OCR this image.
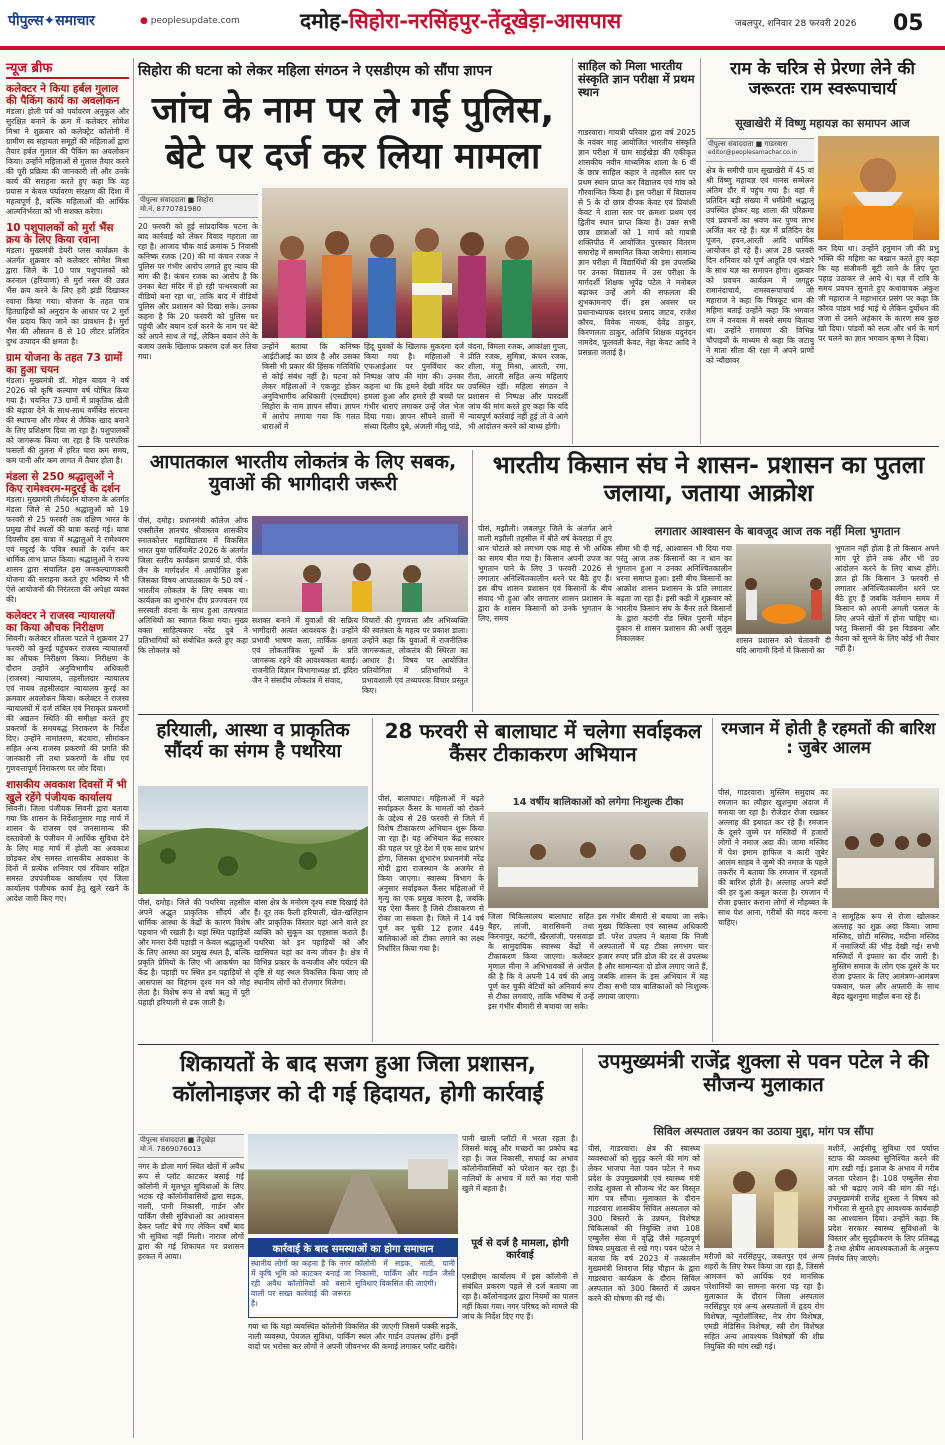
पीपुल्स✦समाचार	● peoplesupdate.com	दमोह-सिहोरा-नरसिंहपुर-तेंदूखेड़ा-आसपास	जबलपुर, शनिवार 28 फरवरी 2026	05
न्यूज ब्रीफ
कलेक्टर ने किया हर्बल गुलाल की पैकिंग कार्य का अवलोकन
मंडला। होली पर्व को पर्यावरण अनुकूल और सुरक्षित बनाने के क्रम में कलेक्टर सोमेश मिश्रा ने शुक्रवार को कलेक्ट्रेट कॉलोनी में ग्रामीण स्व सहायता समूहों की महिलाओं द्वारा तैयार हर्बल गुलाल की पैकिंग का अवलोकन किया। उन्होंने महिलाओं से गुलाल तैयार करने की पूरी प्रक्रिया की जानकारी ली और उनके कार्य की सराहना करते हुए कहा कि यह प्रयास न केवल पर्यावरण संरक्षण की दिशा में महत्वपूर्ण है, बल्कि महिलाओं की आर्थिक आत्मनिर्भरता को भी सशक्त करेगा।
10 पशुपालकों को मुर्रा भैंस क्रय के लिए किया रवाना
मंडला। मुख्यमंत्री डेयरी प्लस कार्यक्रम के अंतर्गत शुक्रवार को कलेक्टर सोमेश मिश्रा द्वारा जिले के 10 पात्र पशुपालकों को करनाल (हरियाणा) से मुर्रा नस्ल की उन्नत भैंस क्रय करने के लिए हरी झंडी दिखाकर रवाना किया गया। योजना के तहत पात्र हितग्राहियों को अनुदान के आधार पर 2 मुर्रा भैंस प्रदाय किए जाने का प्रावधान है। मुर्रा भैंस की औसतन 8 से 10 लीटर प्रतिदिन दुग्ध उत्पादन की क्षमता है।
ग्राम योजना के तहत 73 ग्रामों का हुआ चयन
मंडला। मुख्यमंत्री डॉ. मोहन यादव ने वर्ष 2026 को कृषि कल्याण वर्ष घोषित किया गया है। चयनित 73 ग्रामों में प्राकृतिक खेती की बढ़ावा देने के साथ-साथ वर्मीबेड संरचना की स्थापना और गोबर से जैविक खाद बनाने के लिए प्रशिक्षण दिया जा रहा है। पशुपालकों को जागरूक किया जा रहा है कि पारंपरिक फसलों की तुलना में हरित चारा कम समय, कम पानी और कम लागत में तैयार होता है।
मंडला से 250 श्रद्धालुओं ने किए रामेश्वरम-मदुरई के दर्शन
मंडला। मुख्यमंत्री तीर्थदर्शन योजना के अंतर्गत मंडला जिले से 250 श्रद्धालुओं को 19 फरवरी से 25 फरवरी तक दक्षिण भारत के प्रमुख तीर्थ स्थलों की यात्रा कराई गई। यात्रा दिवसीय इस यात्रा में श्रद्धालुओं ने रामेश्वरम एवं मदुरई के पवित्र स्थलों के दर्शन कर धार्मिक लाभ प्राप्त किया। श्रद्धालुओं ने राज्य शासन द्वारा संचालित इस जनकल्याणकारी योजना की सराहना करते हुए भविष्य में भी ऐसे आयोजनों की निरंतरता की अपेक्षा व्यक्त की।
कलेक्टर ने राजस्व न्यायालयों का किया औचक निरीक्षण
सिवनी। कलेक्टर शीतला पटले ने शुक्रवार 27 फरवरी को कुरई पहुंचकर राजस्व न्यायालयों का औचक निरीक्षण किया। निरीक्षण के दौरान उन्होंने अनुविभागीय अधिकारी (राजस्व) न्यायालय, तहसीलदार न्यायालय एवं नायब तहसीलदार न्यायालय कुरई का क्रमवार अवलोकन किया। कलेक्टर ने राजस्व न्यायालयों में दर्ज लंबित एवं निराकृत प्रकरणों की अद्यतन स्थिति की समीक्षा करते हुए प्रकरणों के समयबद्ध निराकरण के निर्देश दिए। उन्होंने नामांतरण, बंटवारा, सीमांकन सहित अन्य राजस्व प्रकरणों की प्रगति की जानकारी ली तथा प्रकरणों के शीघ्र एवं गुणवत्तापूर्ण निराकरण पर जोर दिया।
शासकीय अवकाश दिवसों में भी खुले रहेंगे पंजीयक कार्यालय
सिवनी। जिला पंजीयक सिवनी द्वारा बताया गया कि शासन के निर्देशानुसार माह मार्च में शासन के राजस्व एवं जनसामान्य की दस्तावेजों के पंजीयन में आर्थिक सुविधा देने के लिए माह मार्च में होली का अवकाश छोड़कर शेष समस्त शासकीय अवकाश के दिनों में प्रत्येक शनिवार एवं रविवार सहित समस्त उपपंजीयक कार्यालय एवं जिला कार्यालय पंजीयक कार्य हेतु खुले रखने के आदेश जारी किए गए।
सिहोरा की घटना को लेकर महिला संगठन ने एसडीएम को सौंपा ज्ञापन
जांच के नाम पर ले गई पुलिस, बेटे पर दर्ज कर लिया मामला
पीपुल्स संवाददाता ■ सिहोरा
मो.नं. 8770781980
20 फरवरी को हुई सांप्रदायिक घटना के बाद कार्रवाई को लेकर विवाद गहराता जा रहा है। आजाद चौक वार्ड क्रमांक 5 निवासी कनिष्क रजक (20) की मां कंचन रजक ने पुलिस पर गंभीर आरोप लगाते हुए न्याय की मांग की है। कंचन रजक का आरोप है कि उनका बेटा मंदिर में हो रही पत्थरबाजी का वीडियो बना रहा था, ताकि बाद में वीडियो पुलिस और प्रशासन को दिखा सके। उनका कहना है कि 20 फरवरी को पुलिस घर पहुंची और बयान दर्ज करने के नाम पर बेटे को अपने साथ ले गई, लेकिन बयान लेने के बजाय उसके खिलाफ प्रकरण दर्ज कर लिया गया।
उन्होंने बताया कि कनिष्क आईटीआई का छात्र है और उसका किसी भी प्रकार की हिंसक गतिविधि से कोई संबंध नहीं है। घटना को लेकर महिलाओं ने एकजुट होकर अनुविभागीय अधिकारी (एसडीएम) सिहोरा के नाम ज्ञापन सौंपा। ज्ञापन में आरोप लगाया गया कि गलत धाराओं में
हिंदू युवकों के खिलाफ मुकदमा दर्ज किया गया है। महिलाओं ने एफआईआर पर पुनर्विचार कर निष्पक्ष जांच की मांग की। उनका कहना था कि हमने देखी मंदिर पर हमला हुआ और हमारे ही बच्चों पर गंभीर धाराएं लगाकर उन्हें जेल भेज दिया गया। ज्ञापन सौंपने वालों में संध्या दिलीप दुबे, अंजली मीलू पांडे,
वंदना, विमला रजक, आकांक्षा गुप्ता, प्रीति रजक, सुमित्रा, कंचन रजक, शीला, मंजू मिश्रा, आरती, रमा, रीता, आरती सहित अन्य महिलाएं उपस्थित रहीं। महिला संगठन ने प्रशासन से निष्पक्ष और पारदर्शी जांच की मांग करते हुए कहा कि यदि न्यायपूर्ण कार्रवाई नहीं हुई तो वे आगे भी आंदोलन करने को बाध्य होंगी।
साहिल को मिला भारतीय संस्कृति ज्ञान परीक्षा में प्रथम स्थान
गाडरवारा। गायत्री परिवार द्वारा वर्ष 2025 के नवंबर माह आयोजित भारतीय संस्कृति ज्ञान परीक्षा में ग्राम साईखेड़ा की एकीकृत शासकीय नवीन माध्यमिक शाला के 6 वीं के छात्र साहिल कहार ने तहसील स्तर पर प्रथम स्थान प्राप्त कर विद्यालय एवं गांव को गौरवान्वित किया है। इस परीक्षा में विद्यालय से 5 के दो छात्र दीपक केवट एवं प्रियांशी केवट ने शाला स्तर पर क्रमशः प्रथम एवं द्वितीय स्थान प्राप्त किया है। उक्त सभी छात्र छात्राओं को 1 मार्च को गायत्री शक्तिपीठ में आयोजित पुरस्कार वितरण समारोह में सम्मानित किया जायेगा। सामान्य ज्ञान परीक्षा में विद्यार्थियों की इस उपलब्धि पर उनका विद्यालय में उस परीक्षा के मार्गदर्शी शिक्षक भूपेंद्र पटेल ने मनोबल बढ़ाकर उन्हें आगे की सफलता की शुभकामनाएं दीं। इस अवसर पर प्रधानाध्यापक दशरथ प्रसाद जाटव, राजेश कौरव, विवेक नायक, देवेंद्र ठाकुर, किरणलता ठाकुर, अतिथि शिक्षक यदुनंदन नामदेव, फूलवती केवट, नेहा केवट आदि ने प्रसन्नता जताई है।
राम के चरित्र से प्रेरणा लेने की जरूरतः राम स्वरूपाचार्य
सूखाखेरी में विष्णु महायज्ञ का समापन आज
पीपुल्स संवाददाता ■ गाडरवारा
editor@peoplesamachar.co.in
क्षेत्र के समीपी ग्राम सूखाखेरी में 45 वां श्री विष्णु महायज्ञ एवं मानस सम्मेलन अंतिम दौर में पहुंच गया है। वहां में प्रतिदिन बड़ी संख्या में धर्मप्रेमी श्रद्धालु उपस्थित होकर यह शाला की परिक्रमा एवं प्रवचनों का श्रवण कर पुण्य लाभ अर्जित कर रहे हैं। यज्ञ में प्रतिदिन देव पूजन, हवन,आरती आदि धार्मिक आयोजन हो रहे हैं। आज 28 फरवरी दिन शनिवार को पूर्ण आहुति एवं भंडारे के साथ यज्ञ का समापन होगा। शुक्रवार को प्रवचन कार्यक्रम में जगद्गुरु रामानंदाचार्य, रामस्वरूपाचार्य जी महाराज ने कहा कि चित्रकूट धाम की महिमा बताई उन्होंने कहा कि भगवान राम ने वनवास में सबसे समय बिताया था। उन्होंने रामायण की विभिन्न चौपाइयों के माध्यम से कहा कि जटायु ने माता सीता की रक्षा में अपने प्राणों को न्यौछावर
कर दिया था। उन्होंने हनुमान जी की प्रभु भक्ति की महिमा का बखान करते हुए कहा कि यह संजीवनी बूटी लाने के लिए पूरा पहाड़ उठाकर ले आये थे। यज्ञ में रात्रि के समय प्रवचन सुनाते हुए कथावाचक अंकुश जी महाराज ने महाभारत प्रसंग पर कहा कि कौरव पांडव भाई भाई थे लेकिन दुर्योधन की जजा से उसने अहंकार के कारण सब कुछ खो दिया। पांडवों को सत्य और धर्म के मार्ग पर चलने का ज्ञान भगवान कृष्ण ने दिया।
आपातकाल भारतीय लोकतंत्र के लिए सबक, युवाओं की भागीदारी जरूरी
पीसं, दमोह। प्रधानमंत्री कॉलेज ऑफ एक्सीलेंस ज्ञानचंद श्रीवास्तव शासकीय स्नातकोत्तर महाविद्यालय में विकसित भारत युवा पार्लियामेंट 2026 के अंतर्गत जिला स्तरीय कार्यक्रम प्राचार्य प्रो. पीके जैन के मार्गदर्शन में आयोजित हुआ जिसका विषय आपातकाल के 50 वर्ष - भारतीय लोकतंत्र के लिए सबक था। कार्यक्रम का शुभारंभ दीप प्रज्ज्वलन एवं सरस्वती वंदना के साथ हुआ तत्पश्चात अतिथियों का स्वागत किया गया। मुख्य वक्ता साहित्यकार नरेंद्र दुबे ने प्रतिभागियों को संबोधित करते हुए कहा कि लोकतंत्र को
सशक्त बनाने में युवाओं की सक्रिय भागीदारी अत्यंत आवश्यक है। उन्होंने प्रभावी भाषण कला, तार्किक क्षमता एवं लोकतांत्रिक मूल्यों के प्रति जागरूक रहने की आवश्यकता बताई। राजनीति विज्ञान विभागाध्यक्ष डॉ. इंदिरा जैन ने संसदीय लोकतंत्र में संवाद,
विचारों की गुणवत्ता और अभिव्यक्ति की स्वतंत्रता के महत्व पर प्रकाश डाला। उन्होंने कहा कि युवाओं में राजनीतिक जागरूकता, लोकतंत्र की स्थिरता का आधार है। विषय पर आयोजित प्रतियोगिता में प्रतिभागियों ने प्रभावशाली एवं तथ्यपरक विचार प्रस्तुत किए।
भारतीय किसान संघ ने शासन- प्रशासन का पुतला जलाया, जताया आक्रोश
पीसं, मझौली। जबलपुर जिले के अंतर्गत आने वाली मझौली तहसील में बीते वर्ष केवराड़ा में हुए धान घोटाले को लगभग एक माह से भी अधिक का समय बीत गया है। किसान अपनी उपज का भुगतान पाने के लिए 3 फरवरी 2026 से लगातार अनिश्चितकालीन धरने पर बैठे हुए हैं। इस बीच शासन प्रशासन एवं किसानों के बीच संवाद भी हुआ और लगातार शासन प्रशासन के द्वारा के शासन किसानों को उनके भुगतान के लिए, समय
लगातार आश्वासन के बावजूद आज तक नहीं मिला भुगतान
सीमा भी दी गई, आश्वासन भी दिया गया परंतु आज तक किसानों का न धान का भुगतान हुआ न उनका अनिश्चितकालीन धरना समाप्त हुआ। इसी बीच किसानों का आक्रोश शासन प्रशासन के प्रति लगातार बढ़ता जा रहा है। इसी कड़ी में शुक्रवार को भारतीय किसान संघ के बैनर तले किसानों के द्वारा कटंगी रोड स्थित पुरानी मोहन दुकान से शासन प्रशासन की अर्थी जुलूस निकालकर	शासन प्रशासन को चेतावनी दी यदि आगामी दिनों में किसानों का
भुगतान नहीं होता है तो किसान अपने मांग पूरे होने तक और भी उग्र आंदोलन करने के लिए बाध्य होंगे। ज्ञात हो कि किसान 3 फरवरी से लगातार अनिश्चितकालीन धरने पर बैठे हुए हैं जबकि वर्तमान समय में किसान को अपनी अगली फसल के लिए अपने खेतों में होना चाहिए था। परंतु किसानों की इस विडंबना और वेदना को सुनने के लिए कोई भी तैयार नहीं है।
हरियाली, आस्था व प्राकृतिक सौंदर्य का संगम है पथरिया
पीसं, दमोह। जिले की पथरिया तहसील अपने अद्भुत प्राकृतिक सौंदर्य और धार्मिक आस्था के केंद्रों के कारण विशेष पहचान भी रखती है। यहां स्थित पहाड़ियों और मनरा देवी पहाड़ी न केवल श्रद्धालुओं के लिए आस्था का प्रमुख स्थल है, बल्कि प्रकृति प्रेमियों के लिए भी आकर्षण का केंद्र है। पहाड़ी पर स्थित इन पहाड़ियों से आसपास का विहंगम दृश्य मन को मोह लेता है। विशेष रूप से वर्षा ऋतु में पूरी पहाड़ी हरियाली से ढक जाती है।
बांसा क्षेत्र के मनोरम दृश्य स्पष्ट दिखाई देते हैं। दूर तक फैली हरियाली, खेत-खलिहान और प्राकृतिक विस्तार यहां आने वाले हर व्यक्ति को सुकून का एहसास कराते हैं। पथरिया को इन पहाड़ियों को और खासियत यहां का वन्य जीवन है। क्षेत्र में विभिन्न प्रकार के वन्यजीव और पर्यटन की दृष्टि से यह स्थल विकसित किया जाए तो स्थानीय लोगों को रोजगार मिलेगा।
28 फरवरी से बालाघाट में चलेगा सर्वाइकल कैंसर टीकाकरण अभियान
पीसं, बालाघाट। महिलाओं में बढ़ते सर्वाइकल कैंसर के मामलों को रोकने के उद्देश्य से 28 फरवरी से जिले में विशेष टीकाकरण अभियान शुरू किया जा रहा है। यह अभियान केंद्र सरकार की पहल पर पूरे देश में एक साथ प्रारंभ होगा, जिसका शुभारंभ प्रधानमंत्री नरेंद्र मोदी द्वारा राजस्थान के अजमेर से किया जाएगा। स्वास्थ्य विभाग के अनुसार सर्वाइकल कैंसर महिलाओं में मृत्यु का एक प्रमुख कारण है, जबकि यह ऐसा कैंसर है जिसे टीकाकरण से रोका जा सकता है। जिले में 14 वर्ष पूर्ण कर चुकी 12 हजार 449 बालिकाओं को टीका लगाने का लक्ष्य निर्धारित किया गया है।
14 वर्षीय बालिकाओं को लगेगा निःशुल्क टीका
जिला चिकित्सालय बालाघाट सहित बैहर, लांजी, वारासिवनी तथा किरनापुर, कटंगी, खैरलांजी, परसवाड़ा के सामुदायिक स्वास्थ्य केंद्रों में टीकाकरण किया जाएगा। कलेक्टर मृणाल मीना ने अभिभावकों से अपील की है कि वे अपनी 14 वर्ष की आयु पूर्ण कर चुकी बेटियों को अनिवार्य रूप से टीका लगवाएं, ताकि भविष्य में उन्हें इस गंभीर बीमारी से बचाया जा सके।
इस गंभीर बीमारी से बचाया जा सके। मुख्य चिकित्सा एवं स्वास्थ्य अधिकारी डॉ. परेश उपलप ने बताया कि निजी अस्पतालों में यह टीका लगभग चार हजार रुपए प्रति डोज की दर से उपलब्ध है और सामान्यतः दो डोज लगाए जाते हैं, जबकि शासन के इस अभियान में यह टीका सभी पात्र बालिकाओं को निःशुल्क लगाया जाएगा।
रमजान में होती है रहमतों की बारिश : जुबेर आलम
पीसं, गाडरवारा। मुस्लिम समुदाय का रमजान का त्यौहार खुशनुमा अंदाज में मनाया जा रहा है। रोजेदार रोजा रखकर अल्लाह की इबादत कर रहे हैं। रमजान के दूसरे जुम्मे पर मस्जिदों में हजारों लोगों ने नमाज अदा की। जामा मस्जिद में पेश इमाम हाफिज व कारी जुबेर आलम साहब ने जुम्मे की नमाज के पहले तकरीर में बताया कि रमजान में रहमतों की बारिश होती है। अल्लाह अपने बंदों की हर दुआ कबूल करता है। रमजान में रोजा इफ्तार कराना लोगों से मोहब्बत के साथ पेश आना, गरीबों की मदद करना चाहिए।
ने सामूहिक रूप से रोजा खोलकर अल्लाह का शुक्र अदा किया। जामा मस्जिद, छोटी मस्जिद, मदीना मस्जिद में नमाजियों की भीड़ देखी गई। सभी मस्जिदों में इफ्तार का दौर जारी है। मुस्लिम समाज के लोग एक दूसरे के घर रोजा इफ्तार के लिए आमंत्रण-आमंत्रण पकवान, फल और अफ्तारी के साथ बेहद खुशनुमा माहौल बना रहे हैं।
शिकायतों के बाद सजग हुआ जिला प्रशासन, कॉलोनाइजर को दी गई हिदायत, होगी कार्रवाई
पीपुल्स संवाददाता ■ तेंदूखेड़ा
मो.नं. 7869076013
नगर के डोला मार्ग स्थित खेतों में अवैध रूप से प्लॉट काटकर बसाई गई कॉलोनी में मूलभूत सुविधाओं के लिए भटक रहे कॉलोनीवासियों द्वारा सड़क, नाली, पानी निकासी, गार्डन और पार्किंग जैसी सुविधाओं का आश्वासन देकर प्लॉट बेचे गए लेकिन वर्षों बाद भी सुविधा नहीं मिली। नाराज लोगों द्वारा की गई शिकायत पर प्रशासन हरकत में आया।
कार्रवाई के बाद समस्याओं का होगा समाधान
स्थानीय लोगों का कहना है कि नगर में कृषि भूमि को काटकर बनाई जा रही अवैध कॉलोनियों को बसाने वालों पर सख्त कार्रवाई की जरूरत है।
कॉलोनी में सड़क, नाली, पानी निकासी, पार्किंग और गार्डन जैसी सुविधाएं विकसित की जाएंगी।
गया था कि यहां व्यवस्थित कॉलोनी विकसित की जाएगी जिसमें पक्की सड़कें, नाली व्यवस्था, पेयजल सुविधा, पार्किंग स्थल और गार्डन उपलब्ध होंगे। इन्हीं वादों पर भरोसा कर लोगों ने अपनी जीवनभर की कमाई लगाकर प्लॉट खरीदे।
पानी खाली प्लॉटों में भरता रहता है। जिससे बदबू और मच्छरों का प्रकोप बढ़ रहा है। जल निकासी, सफाई का अभाव कॉलोनीवासियों को परेशान कर रहा है। नालियों के अभाव में घरों का गंदा पानी खुले में बहता है।
पूर्व से दर्ज है मामला, होगी कार्रवाई
एसडीएम कार्यालय में इस कॉलोनी से संबंधित प्रकरण पहले से दर्ज बताया जा रहा है। कॉलोनाइजर द्वारा नियमों का पालन नहीं किया गया। नगर परिषद को मामले की जांच के निर्देश दिए गए हैं।
उपमुख्यमंत्री राजेंद्र शुक्ला से पवन पटेल ने की सौजन्य मुलाकात
सिविल अस्पताल उन्नयन का उठाया मुद्दा, मांग पत्र सौंपा
पीसं, गाडरवारा। क्षेत्र की स्वास्थ्य व्यवस्थाओं को सुदृढ़ करने की मांग को लेकर भाजपा नेता पवन पटेल ने मध्य प्रदेश के उपमुख्यमंत्री एवं स्वास्थ्य मंत्री राजेंद्र शुक्ला से सौजन्य भेंट कर विस्तृत मांग पत्र सौंपा। मुलाकात के दौरान गाडरवारा शासकीय सिविल अस्पताल को 300 बिस्तरों के उन्नयन, विशेषज्ञ चिकित्सकों की नियुक्ति तथा 108 एम्बुलेंस सेवा में वृद्धि जैसे महत्वपूर्ण विषय प्रमुखता से रखे गए। पवन पटेल ने बताया कि वर्ष 2023 में तत्कालीन मुख्यमंत्री शिवराज सिंह चौहान के द्वारा गाडरवारा कार्यक्रम के दौरान सिविल अस्पताल को 300 बिस्तरों में उन्नयन करने की घोषणा की गई थी।
मरीजों को नरसिंहपुर, जबलपुर एवं अन्य शहरों के लिए रेफर किया जा रहा है, जिससे आमजन को आर्थिक एवं मानसिक परेशानियों का सामना करना पड़ रहा है। मुलाकात के दौरान जिला अस्पताल नरसिंहपुर एवं अन्य अस्पतालों में हृदय रोग विशेषज्ञ, न्यूरोलॉजिस्ट, नेत्र रोग विशेषज्ञ, एमडी मेडिसिन विशेषज्ञ, स्त्री रोग विशेषज्ञ सहित अन्य आवश्यक विशेषज्ञों की शीघ्र नियुक्ति की मांग रखी गई।
मशीनें, आईसीयू सुविधा एवं पर्याप्त स्टाफ की व्यवस्था सुनिश्चित करने की मांग रखी गई। इलाज के अभाव में गरीब जनता परेशान है। 108 एम्बुलेंस सेवा को भी बढ़ाए जाने की मांग की गई। उपमुख्यमंत्री राजेंद्र शुक्ला ने विषय को गंभीरता से सुनते हुए आवश्यक कार्यवाही का आश्वासन दिया। उन्होंने कहा कि प्रदेश सरकार स्वास्थ्य सुविधाओं के विस्तार और सुदृढ़ीकरण के लिए प्रतिबद्ध है तथा क्षेत्रीय आवश्यकताओं के अनुरूप निर्णय लिए जाएंगे।
